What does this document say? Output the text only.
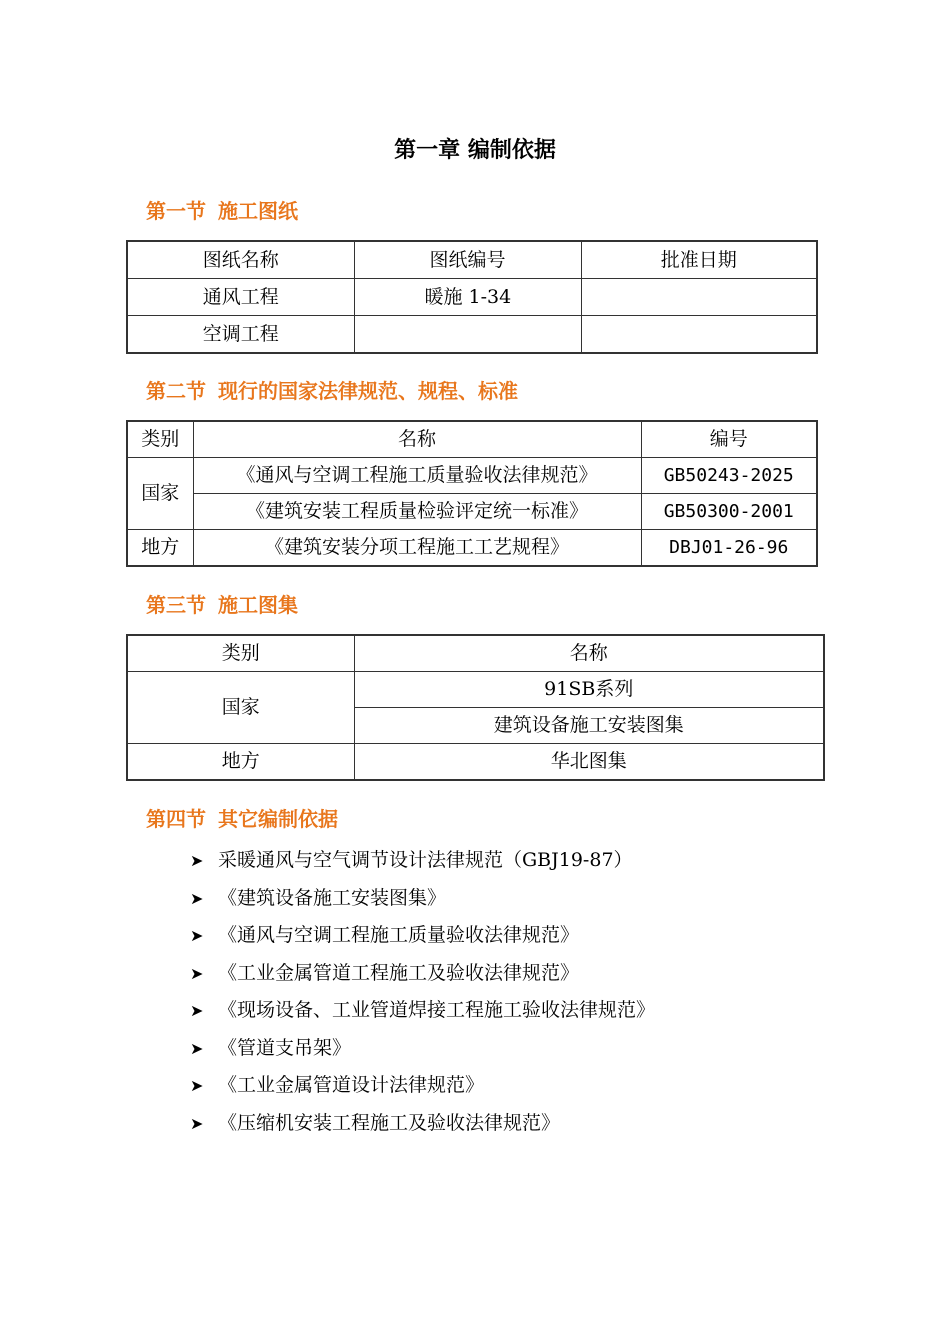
第一章 编制依据
第一节 施工图纸
图纸名称	图纸编号	批准日期
通风工程	暖施 1-34	
空调工程		
第二节 现行的国家法律规范、规程、标准
类别	名称	编号
国家	《通风与空调工程施工质量验收法律规范》	GB50243-2025
	《建筑安装工程质量检验评定统一标准》	GB50300-2001
地方	《建筑安装分项工程施工工艺规程》	DBJ01-26-96
第三节 施工图集
类别	名称
国家	91SB系列
	建筑设备施工安装图集
地方	华北图集
第四节 其它编制依据
➤ 采暖通风与空气调节设计法律规范（GBJ19-87）
➤ 《建筑设备施工安装图集》
➤ 《通风与空调工程施工质量验收法律规范》
➤ 《工业金属管道工程施工及验收法律规范》
➤ 《现场设备、工业管道焊接工程施工验收法律规范》
➤ 《管道支吊架》
➤ 《工业金属管道设计法律规范》
➤ 《压缩机安装工程施工及验收法律规范》
